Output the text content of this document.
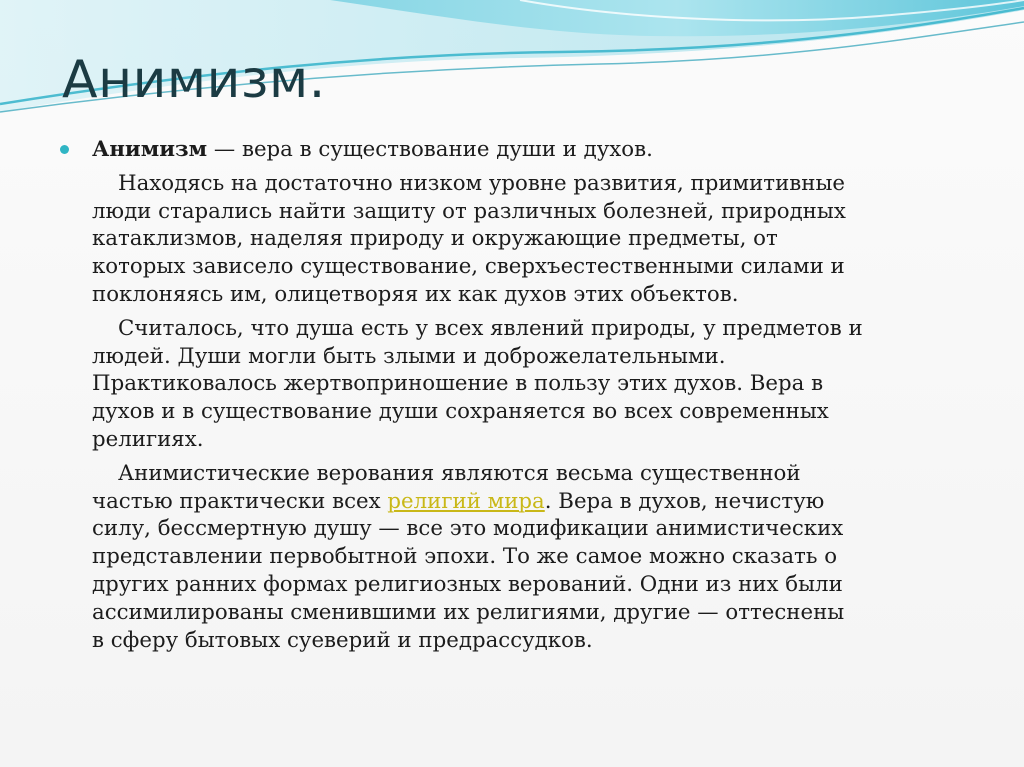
Анимизм.
Анимизм — вера в существование души и духов.
Находясь на достаточно низком уровне развития, примитивные
люди старались найти защиту от различных болезней, природных
катаклизмов, наделяя природу и окружающие предметы, от
которых зависело существование, сверхъестественными силами и
поклоняясь им, олицетворяя их как духов этих объектов.
Считалось, что душа есть у всех явлений природы, у предметов и
людей. Души могли быть злыми и доброжелательными.
Практиковалось жертвоприношение в пользу этих духов. Вера в
духов и в существование души сохраняется во всех современных
религиях.
Анимистические верования являются весьма существенной
частью практически всех религий мира. Вера в духов, нечистую
силу, бессмертную душу — все это модификации анимистических
представлении первобытной эпохи. То же самое можно сказать о
других ранних формах религиозных верований. Одни из них были
ассимилированы сменившими их религиями, другие — оттеснены
в сферу бытовых суеверий и предрассудков.
